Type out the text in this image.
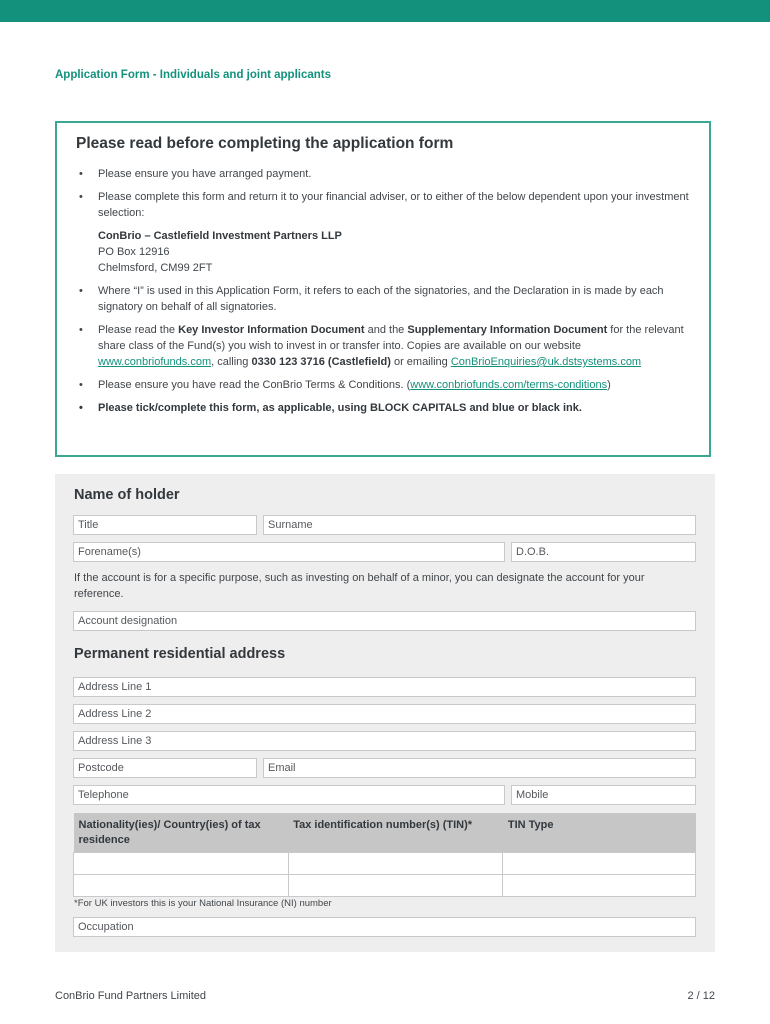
Application Form - Individuals and joint applicants
Please read before completing the application form
• Please ensure you have arranged payment.
• Please complete this form and return it to your financial adviser, or to either of the below dependent upon your investment selection:
ConBrio – Castlefield Investment Partners LLP
PO Box 12916
Chelmsford, CM99 2FT
• Where “I” is used in this Application Form, it refers to each of the signatories, and the Declaration in is made by each signatory on behalf of all signatories.
• Please read the Key Investor Information Document and the Supplementary Information Document for the relevant share class of the Fund(s) you wish to invest in or transfer into. Copies are available on our website www.conbriofunds.com, calling 0330 123 3716 (Castlefield) or emailing ConBrioEnquiries@uk.dstsystems.com
• Please ensure you have read the ConBrio Terms & Conditions. (www.conbriofunds.com/terms-conditions)
• Please tick/complete this form, as applicable, using BLOCK CAPITALS and blue or black ink.
Name of holder
Title	Surname
Forename(s)	D.O.B.
If the account is for a specific purpose, such as investing on behalf of a minor, you can designate the account for your reference.
Account designation
Permanent residential address
Address Line 1
Address Line 2
Address Line 3
Postcode	Email
Telephone	Mobile
Nationality(ies)/ Country(ies) of tax residence	Tax identification number(s) (TIN)*	TIN Type

*For UK investors this is your National Insurance (NI) number
Occupation
ConBrio Fund Partners Limited	2 / 12
